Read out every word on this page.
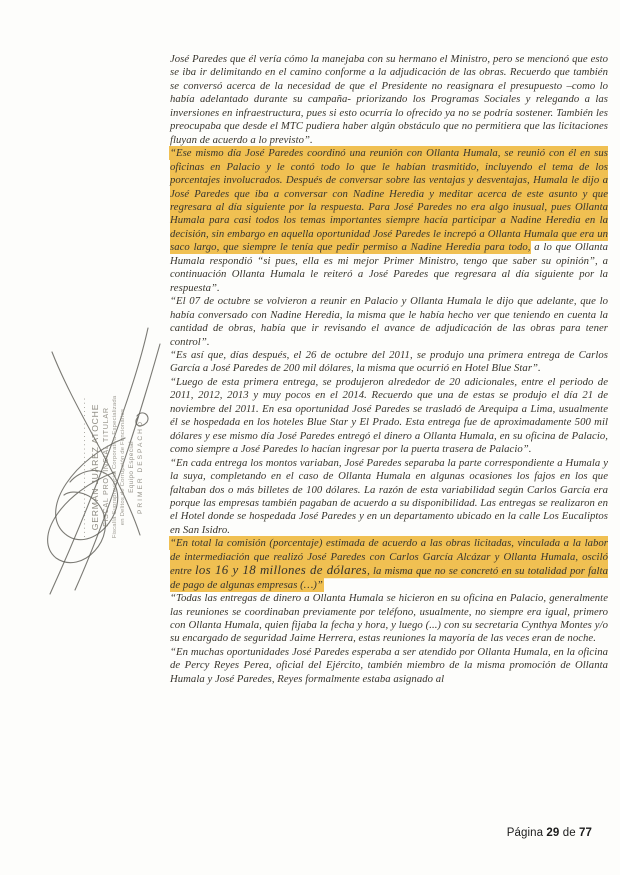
·································· GERMÁN JUÁREZ ATOCHE FISCAL PROVINCIAL TITULAR Fiscalía Supraprovincial Corporativa Especializada en Delitos de Corrupción de Funcionarios Equipo Especial PRIMER DESPACHO

José Paredes que él vería cómo la manejaba con su hermano el Ministro, pero se mencionó que esto se iba ir delimitando en el camino conforme a la adjudicación de las obras. Recuerdo que también se conversó acerca de la necesidad de que el Presidente no reasignara el presupuesto –como lo había adelantado durante su campaña- priorizando los Programas Sociales y relegando a las inversiones en infraestructura, pues si esto ocurría lo ofrecido ya no se podría sostener. También les preocupaba que desde el MTC pudiera haber algún obstáculo que no permitiera que las licitaciones fluyan de acuerdo a lo previsto”.

“Ese mismo día José Paredes coordinó una reunión con Ollanta Humala, se reunió con él en sus oficinas en Palacio y le contó todo lo que le habían trasmitido, incluyendo el tema de los porcentajes involucrados. Después de conversar sobre las ventajas y desventajas, Humala le dijo a José Paredes que iba a conversar con Nadine Heredia y meditar acerca de este asunto y que regresara al día siguiente por la respuesta. Para José Paredes no era algo inusual, pues Ollanta Humala para casi todos los temas importantes siempre hacía participar a Nadine Heredia en la decisión, sin embargo en aquella oportunidad José Paredes le increpó a Ollanta Humala que era un saco largo, que siempre le tenía que pedir permiso a Nadine Heredia para todo, a lo que Ollanta Humala respondió “si pues, ella es mi mejor Primer Ministro, tengo que saber su opinión”, a continuación Ollanta Humala le reiteró a José Paredes que regresara al día siguiente por la respuesta”.

“El 07 de octubre se volvieron a reunir en Palacio y Ollanta Humala le dijo que adelante, que lo había conversado con Nadine Heredia, la misma que le había hecho ver que teniendo en cuenta la cantidad de obras, había que ir revisando el avance de adjudicación de las obras para tener control”.

“Es así que, días después, el 26 de octubre del 2011, se produjo una primera entrega de Carlos García a José Paredes de 200 mil dólares, la misma que ocurrió en Hotel Blue Star”.

“Luego de esta primera entrega, se produjeron alrededor de 20 adicionales, entre el periodo de 2011, 2012, 2013 y muy pocos en el 2014. Recuerdo que una de estas se produjo el día 21 de noviembre del 2011. En esa oportunidad José Paredes se trasladó de Arequipa a Lima, usualmente él se hospedada en los hoteles Blue Star y El Prado. Esta entrega fue de aproximadamente 500 mil dólares y ese mismo día José Paredes entregó el dinero a Ollanta Humala, en su oficina de Palacio, como siempre a José Paredes lo hacían ingresar por la puerta trasera de Palacio”.

“En cada entrega los montos variaban, José Paredes separaba la parte correspondiente a Humala y la suya, completando en el caso de Ollanta Humala en algunas ocasiones los fajos en los que faltaban dos o más billetes de 100 dólares. La razón de esta variabilidad según Carlos García era porque las empresas también pagaban de acuerdo a su disponibilidad. Las entregas se realizaron en el Hotel donde se hospedada José Paredes y en un departamento ubicado en la calle Los Eucaliptos en San Isidro.

“En total la comisión (porcentaje) estimada de acuerdo a las obras licitadas, vinculada a la labor de intermediación que realizó José Paredes con Carlos García Alcázar y Ollanta Humala, osciló entre los 16 y 18 millones de dólares, la misma que no se concretó en su totalidad por falta de pago de algunas empresas (…)”

“Todas las entregas de dinero a Ollanta Humala se hicieron en su oficina en Palacio, generalmente las reuniones se coordinaban previamente por teléfono, usualmente, no siempre era igual, primero con Ollanta Humala, quien fijaba la fecha y hora, y luego (...) con su secretaria Cynthya Montes y/o su encargado de seguridad Jaime Herrera, estas reuniones la mayoría de las veces eran de noche.

“En muchas oportunidades José Paredes esperaba a ser atendido por Ollanta Humala, en la oficina de Percy Reyes Perea, oficial del Ejército, también miembro de la misma promoción de Ollanta Humala y José Paredes, Reyes formalmente estaba asignado al

Página 29 de 77
